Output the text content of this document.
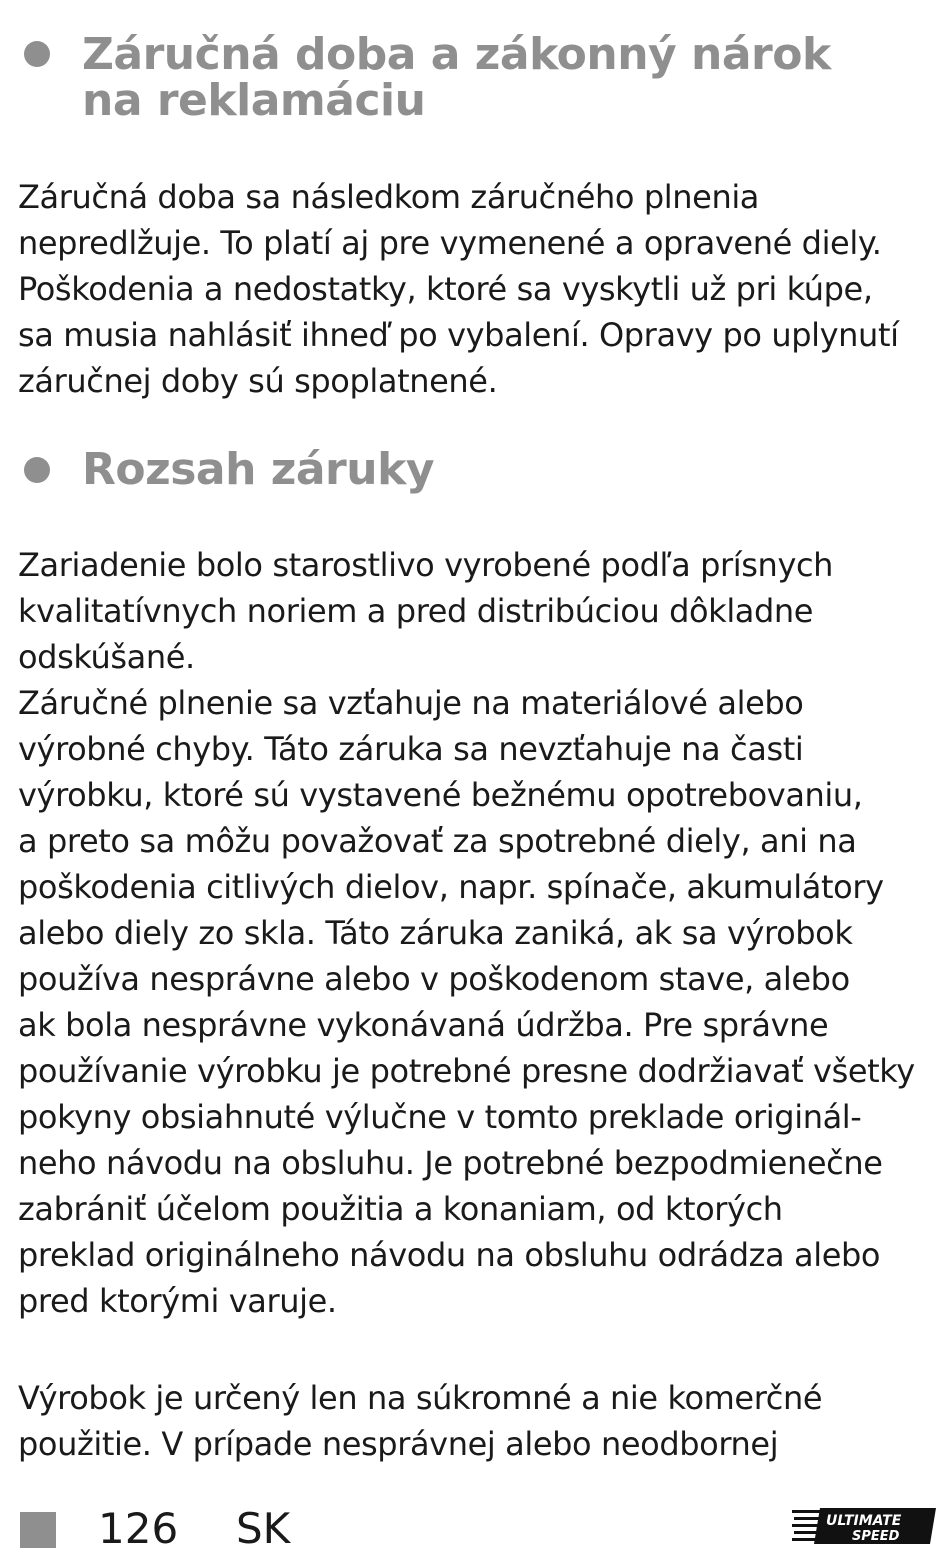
Záručná doba a zákonný nárok
na reklamáciu

Záručná doba sa následkom záručného plnenia
nepredlžuje. To platí aj pre vymenené a opravené diely.
Poškodenia a nedostatky, ktoré sa vyskytli už pri kúpe,
sa musia nahlásiť ihneď po vybalení. Opravy po uplynutí
záručnej doby sú spoplatnené.

Rozsah záruky

Zariadenie bolo starostlivo vyrobené podľa prísnych
kvalitatívnych noriem a pred distribúciou dôkladne
odskúšané.
Záručné plnenie sa vzťahuje na materiálové alebo
výrobné chyby. Táto záruka sa nevzťahuje na časti
výrobku, ktoré sú vystavené bežnému opotrebovaniu,
a preto sa môžu považovať za spotrebné diely, ani na
poškodenia citlivých dielov, napr. spínače, akumulátory
alebo diely zo skla. Táto záruka zaniká, ak sa výrobok
používa nesprávne alebo v poškodenom stave, alebo
ak bola nesprávne vykonávaná údržba. Pre správne
používanie výrobku je potrebné presne dodržiavať všetky
pokyny obsiahnuté výlučne v tomto preklade originál-
neho návodu na obsluhu. Je potrebné bezpodmienečne
zabrániť účelom použitia a konaniam, od ktorých
preklad originálneho návodu na obsluhu odrádza alebo
pred ktorými varuje.

Výrobok je určený len na súkromné a nie komerčné
použitie. V prípade nesprávnej alebo neodbornej

126 SK	ULTIMATE
SPEED
